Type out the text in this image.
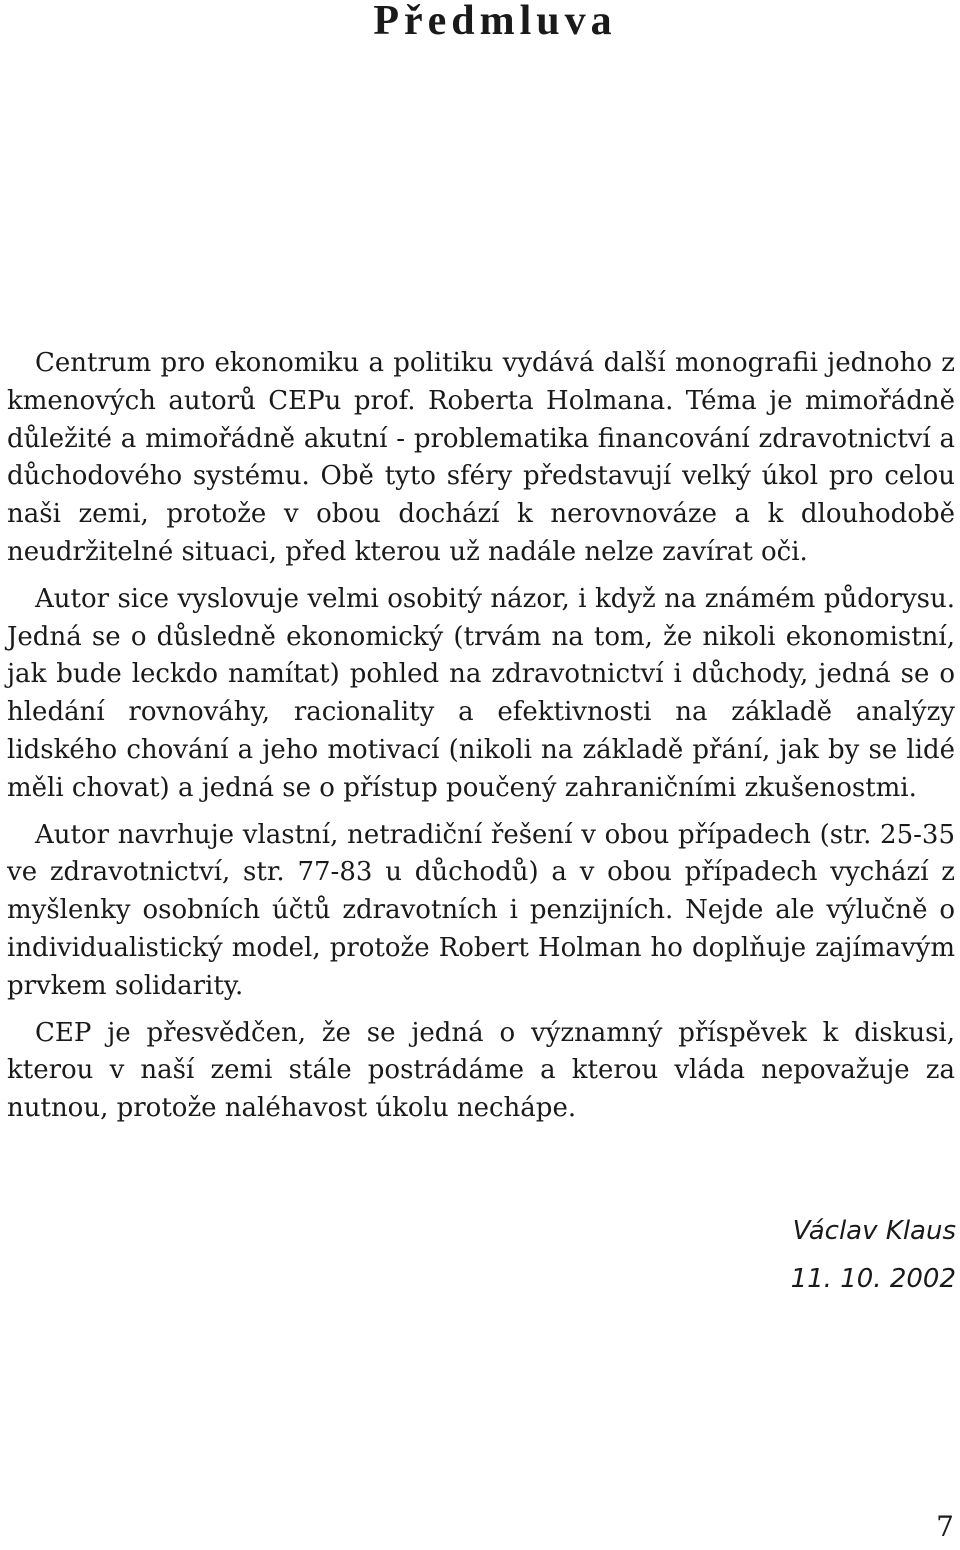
Předmluva

Centrum pro ekonomiku a politiku vydává další monografii jednoho z kmenových autorů CEPu prof. Roberta Holmana. Téma je mimořádně důležité a mimořádně akutní - problematika financování zdravotnictví a důchodového systému. Obě tyto sféry představují velký úkol pro celou naši zemi, protože v obou dochází k nerovnováze a k dlouhodobě neudržitelné situaci, před kterou už nadále nelze zavírat oči.

Autor sice vyslovuje velmi osobitý názor, i když na známém půdorysu. Jedná se o důsledně ekonomický (trvám na tom, že nikoli ekonomistní, jak bude leckdo namítat) pohled na zdravotnictví i důchody, jedná se o hledání rovnováhy, racionality a efektivnosti na základě analýzy lidského chování a jeho motivací (nikoli na základě přání, jak by se lidé měli chovat) a jedná se o přístup poučený zahraničními zkušenostmi.

Autor navrhuje vlastní, netradiční řešení v obou případech (str. 25-35 ve zdravotnictví, str. 77-83 u důchodů) a v obou případech vychází z myšlenky osobních účtů zdravotních i penzijních. Nejde ale výlučně o individualistický model, protože Robert Holman ho doplňuje zajímavým prvkem solidarity.

CEP je přesvědčen, že se jedná o významný příspěvek k diskusi, kterou v naší zemi stále postrádáme a kterou vláda nepovažuje za nutnou, protože naléhavost úkolu nechápe.

Václav Klaus
11. 10. 2002
7
